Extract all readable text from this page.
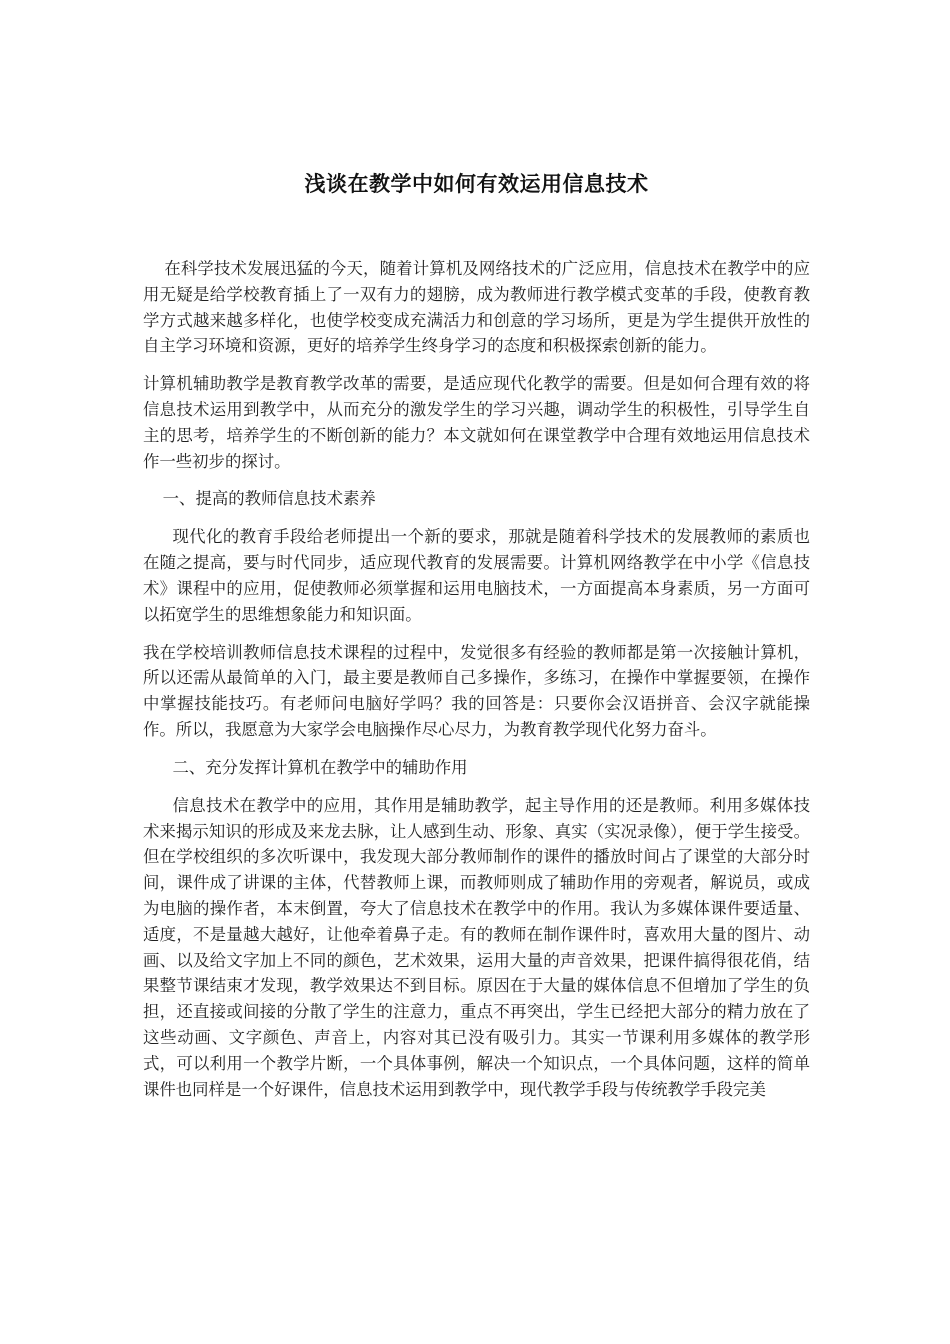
浅谈在教学中如何有效运用信息技术

在科学技术发展迅猛的今天，随着计算机及网络技术的广泛应用，信息技术在教学中的应用无疑是给学校教育插上了一双有力的翅膀，成为教师进行教学模式变革的手段，使教育教学方式越来越多样化，也使学校变成充满活力和创意的学习场所，更是为学生提供开放性的自主学习环境和资源，更好的培养学生终身学习的态度和积极探索创新的能力。

计算机辅助教学是教育教学改革的需要，是适应现代化教学的需要。但是如何合理有效的将信息技术运用到教学中，从而充分的激发学生的学习兴趣，调动学生的积极性，引导学生自主的思考，培养学生的不断创新的能力？本文就如何在课堂教学中合理有效地运用信息技术作一些初步的探讨。

一、提高的教师信息技术素养

现代化的教育手段给老师提出一个新的要求，那就是随着科学技术的发展教师的素质也在随之提高，要与时代同步，适应现代教育的发展需要。计算机网络教学在中小学《信息技术》课程中的应用，促使教师必须掌握和运用电脑技术，一方面提高本身素质，另一方面可以拓宽学生的思维想象能力和知识面。

我在学校培训教师信息技术课程的过程中，发觉很多有经验的教师都是第一次接触计算机，所以还需从最简单的入门，最主要是教师自己多操作，多练习，在操作中掌握要领，在操作中掌握技能技巧。有老师问电脑好学吗？我的回答是：只要你会汉语拼音、会汉字就能操作。所以，我愿意为大家学会电脑操作尽心尽力，为教育教学现代化努力奋斗。

二、充分发挥计算机在教学中的辅助作用

信息技术在教学中的应用，其作用是辅助教学，起主导作用的还是教师。利用多媒体技术来揭示知识的形成及来龙去脉，让人感到生动、形象、真实（实况录像），便于学生接受。但在学校组织的多次听课中，我发现大部分教师制作的课件的播放时间占了课堂的大部分时间，课件成了讲课的主体，代替教师上课，而教师则成了辅助作用的旁观者，解说员，或成为电脑的操作者，本末倒置，夸大了信息技术在教学中的作用。我认为多媒体课件要适量、适度，不是量越大越好，让他牵着鼻子走。有的教师在制作课件时，喜欢用大量的图片、动画、以及给文字加上不同的颜色，艺术效果，运用大量的声音效果，把课件搞得很花俏，结果整节课结束才发现，教学效果达不到目标。原因在于大量的媒体信息不但增加了学生的负担，还直接或间接的分散了学生的注意力，重点不再突出，学生已经把大部分的精力放在了这些动画、文字颜色、声音上，内容对其已没有吸引力。其实一节课利用多媒体的教学形式，可以利用一个教学片断，一个具体事例，解决一个知识点，一个具体问题，这样的简单课件也同样是一个好课件，信息技术运用到教学中，现代教学手段与传统教学手段完美
